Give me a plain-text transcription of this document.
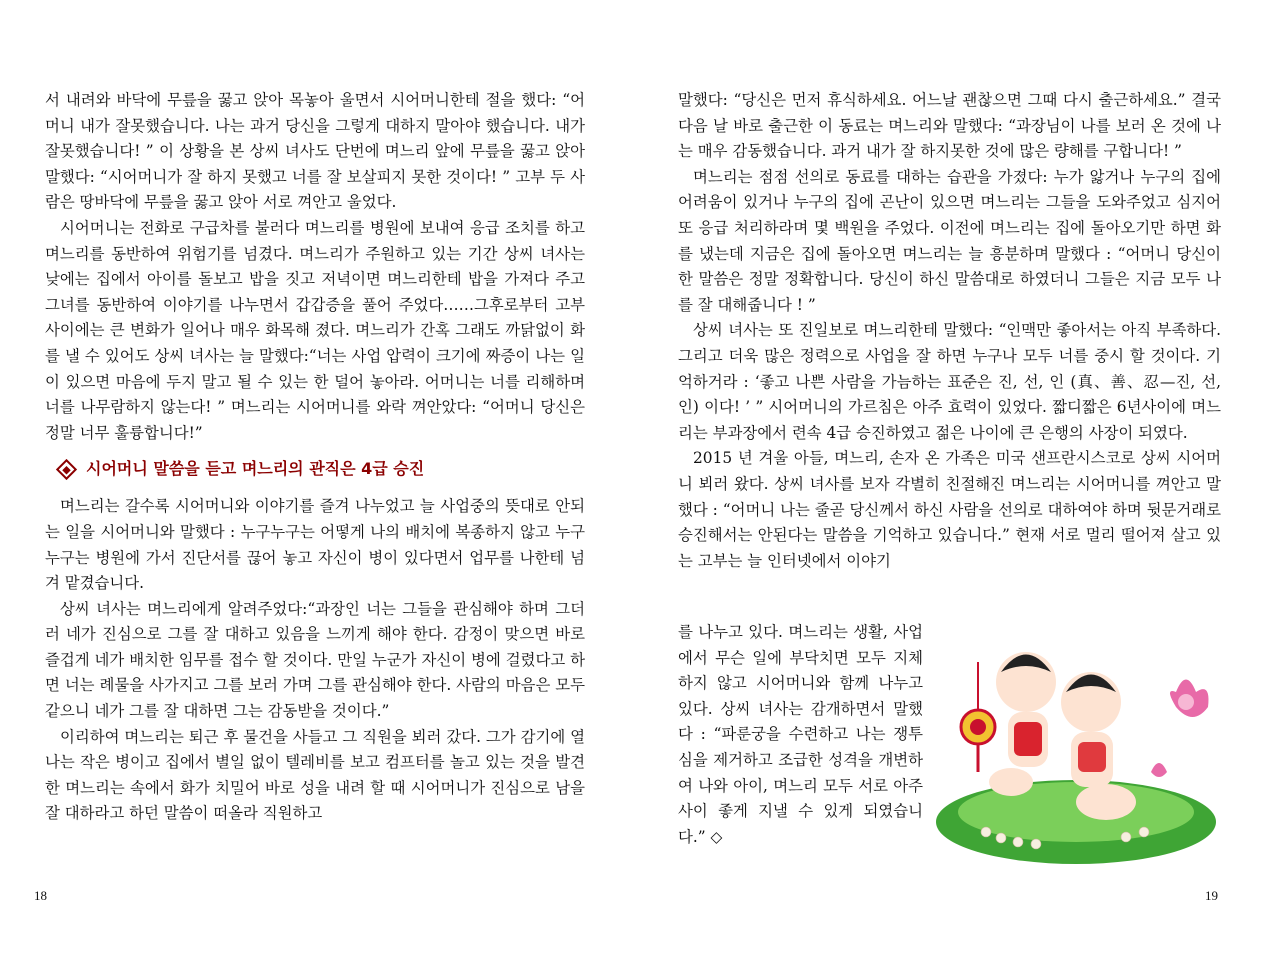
서 내려와 바닥에 무릎을 꿇고 앉아 목놓아 울면서 시어머니한테 절을 했다: “어머니 내가 잘못했습니다. 나는 과거 당신을 그렇게 대하지 말아야 했습니다. 내가 잘못했습니다! ” 이 상황을 본 상씨 녀사도 단번에 며느리 앞에 무릎을 꿇고 앉아 말했다: “시어머니가 잘 하지 못했고 너를 잘 보살피지 못한 것이다! ” 고부 두 사람은 땅바닥에 무릎을 꿇고 앉아 서로 껴안고 울었다.

시어머니는 전화로 구급차를 불러다 며느리를 병원에 보내여 응급 조치를 하고 며느리를 동반하여 위험기를 넘겼다. 며느리가 주원하고 있는 기간 상씨 녀사는 낮에는 집에서 아이를 돌보고 밥을 짓고 저녁이면 며느리한테 밥을 가져다 주고 그녀를 동반하여 이야기를 나누면서 갑갑증을 풀어 주었다……그후로부터 고부 사이에는 큰 변화가 일어나 매우 화목해 졌다. 며느리가 간혹 그래도 까닭없이 화를 낼 수 있어도 상씨 녀사는 늘 말했다:“너는 사업 압력이 크기에 짜증이 나는 일이 있으면 마음에 두지 말고 될 수 있는 한 덜어 놓아라. 어머니는 너를 리해하며 너를 나무람하지 않는다! ” 며느리는 시어머니를 와락 껴안았다: “어머니 당신은 정말 너무 훌륭합니다!”

시어머니 말씀을 듣고 며느리의 관직은 4급 승진

며느리는 갈수록 시어머니와 이야기를 즐겨 나누었고 늘 사업중의 뜻대로 안되는 일을 시어머니와 말했다 : 누구누구는 어떻게 나의 배치에 복종하지 않고 누구누구는 병원에 가서 진단서를 끊어 놓고 자신이 병이 있다면서 업무를 나한테 넘겨 맡겼습니다.

상씨 녀사는 며느리에게 알려주었다:“과장인 너는 그들을 관심해야 하며 그더러 네가 진심으로 그를 잘 대하고 있음을 느끼게 해야 한다. 감정이 맞으면 바로 즐겁게 네가 배치한 임무를 접수 할 것이다. 만일 누군가 자신이 병에 걸렸다고 하면 너는 례물을 사가지고 그를 보러 가며 그를 관심해야 한다. 사람의 마음은 모두 같으니 네가 그를 잘 대하면 그는 감동받을 것이다.”

이리하여 며느리는 퇴근 후 물건을 사들고 그 직원을 뵈러 갔다. 그가 감기에 열 나는 작은 병이고 집에서 별일 없이 텔레비를 보고 컴프터를 놀고 있는 것을 발견한 며느리는 속에서 화가 치밀어 바로 성을 내려 할 때 시어머니가 진심으로 남을 잘 대하라고 하던 말씀이 떠올라 직원하고

18

말했다: “당신은 먼저 휴식하세요. 어느날 괜찮으면 그때 다시 출근하세요.” 결국 다음 날 바로 출근한 이 동료는 며느리와 말했다: “과장님이 나를 보러 온 것에 나는 매우 감동했습니다. 과거 내가 잘 하지못한 것에 많은 량해를 구합니다! ”

며느리는 점점 선의로 동료를 대하는 습관을 가졌다: 누가 앓거나 누구의 집에 어려움이 있거나 누구의 집에 곤난이 있으면 며느리는 그들을 도와주었고 심지어 또 응급 처리하라며 몇 백원을 주었다. 이전에 며느리는 집에 돌아오기만 하면 화를 냈는데 지금은 집에 돌아오면 며느리는 늘 흥분하며 말했다 : “어머니 당신이 한 말씀은 정말 정확합니다. 당신이 하신 말씀대로 하였더니 그들은 지금 모두 나를 잘 대해줍니다 ! ”

상씨 녀사는 또 진일보로 며느리한테 말했다: “인맥만 좋아서는 아직 부족하다. 그리고 더욱 많은 정력으로 사업을 잘 하면 누구나 모두 너를 중시 할 것이다. 기억하거라 : ‘좋고 나쁜 사람을 가늠하는 표준은 진, 선, 인 (真、善、忍—진, 선, 인) 이다! ’ ” 시어머니의 가르침은 아주 효력이 있었다. 짧디짧은 6년사이에 며느리는 부과장에서 련속 4급 승진하였고 젊은 나이에 큰 은행의 사장이 되였다.

2015 년 겨울 아들, 며느리, 손자 온 가족은 미국 샌프란시스코로 상씨 시어머니 뵈러 왔다. 상씨 녀사를 보자 각별히 친절해진 며느리는 시어머니를 껴안고 말했다 : “어머니 나는 줄곧 당신께서 하신 사람을 선의로 대하여야 하며 뒷문거래로 승진해서는 안된다는 말씀을 기억하고 있습니다.” 현재 서로 멀리 떨어져 살고 있는 고부는 늘 인터넷에서 이야기

를 나누고 있다. 며느리는 생활, 사업에서 무슨 일에 부닥치면 모두 지체하지 않고 시어머니와 함께 나누고 있다. 상씨 녀사는 감개하면서 말했다 : “파룬궁을 수련하고 나는 쟁투심을 제거하고 조급한 성격을 개변하여 나와 아이, 며느리 모두 서로 아주 사이 좋게 지낼 수 있게 되였습니다.” ◇

19
